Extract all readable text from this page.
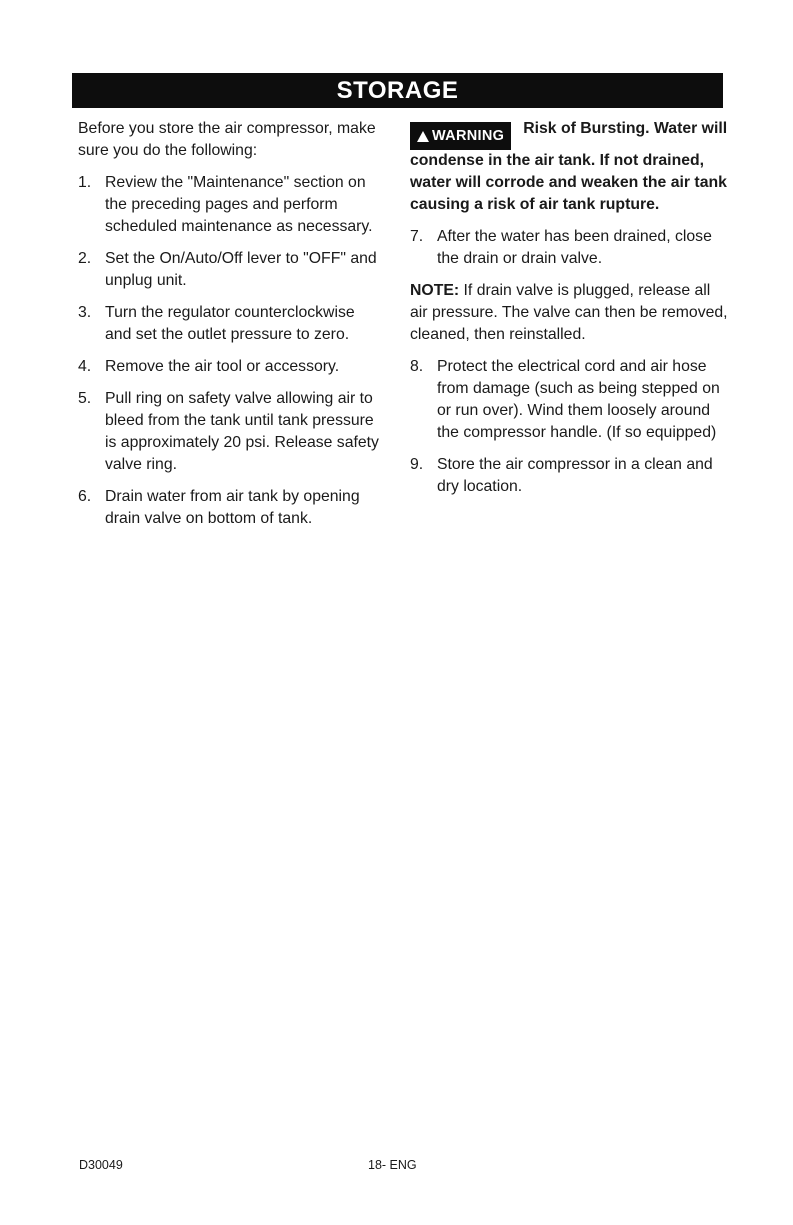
STORAGE

Before you store the air compressor, make sure you do the following:

1. Review the "Maintenance" section on the preceding pages and perform scheduled maintenance as necessary.
2. Set the On/Auto/Off lever to "OFF" and unplug unit.
3. Turn the regulator counterclockwise and set the outlet pressure to zero.
4. Remove the air tool or accessory.
5. Pull ring on safety valve allowing air to bleed from the tank until tank pressure is approximately 20 psi. Release safety valve ring.
6. Drain water from air tank by opening drain valve on bottom of tank.
WARNING Risk of Bursting. Water will

condense in the air tank. If not drained, water will corrode and weaken the air tank causing a risk of air tank rupture.

7. After the water has been drained, close the drain or drain valve.

NOTE: If drain valve is plugged, release all air pressure. The valve can then be removed, cleaned, then reinstalled.

8. Protect the electrical cord and air hose from damage (such as being stepped on or run over). Wind them loosely around the compressor handle. (If so equipped)
9. Store the air compressor in a clean and dry location.
D30049	18- ENG
